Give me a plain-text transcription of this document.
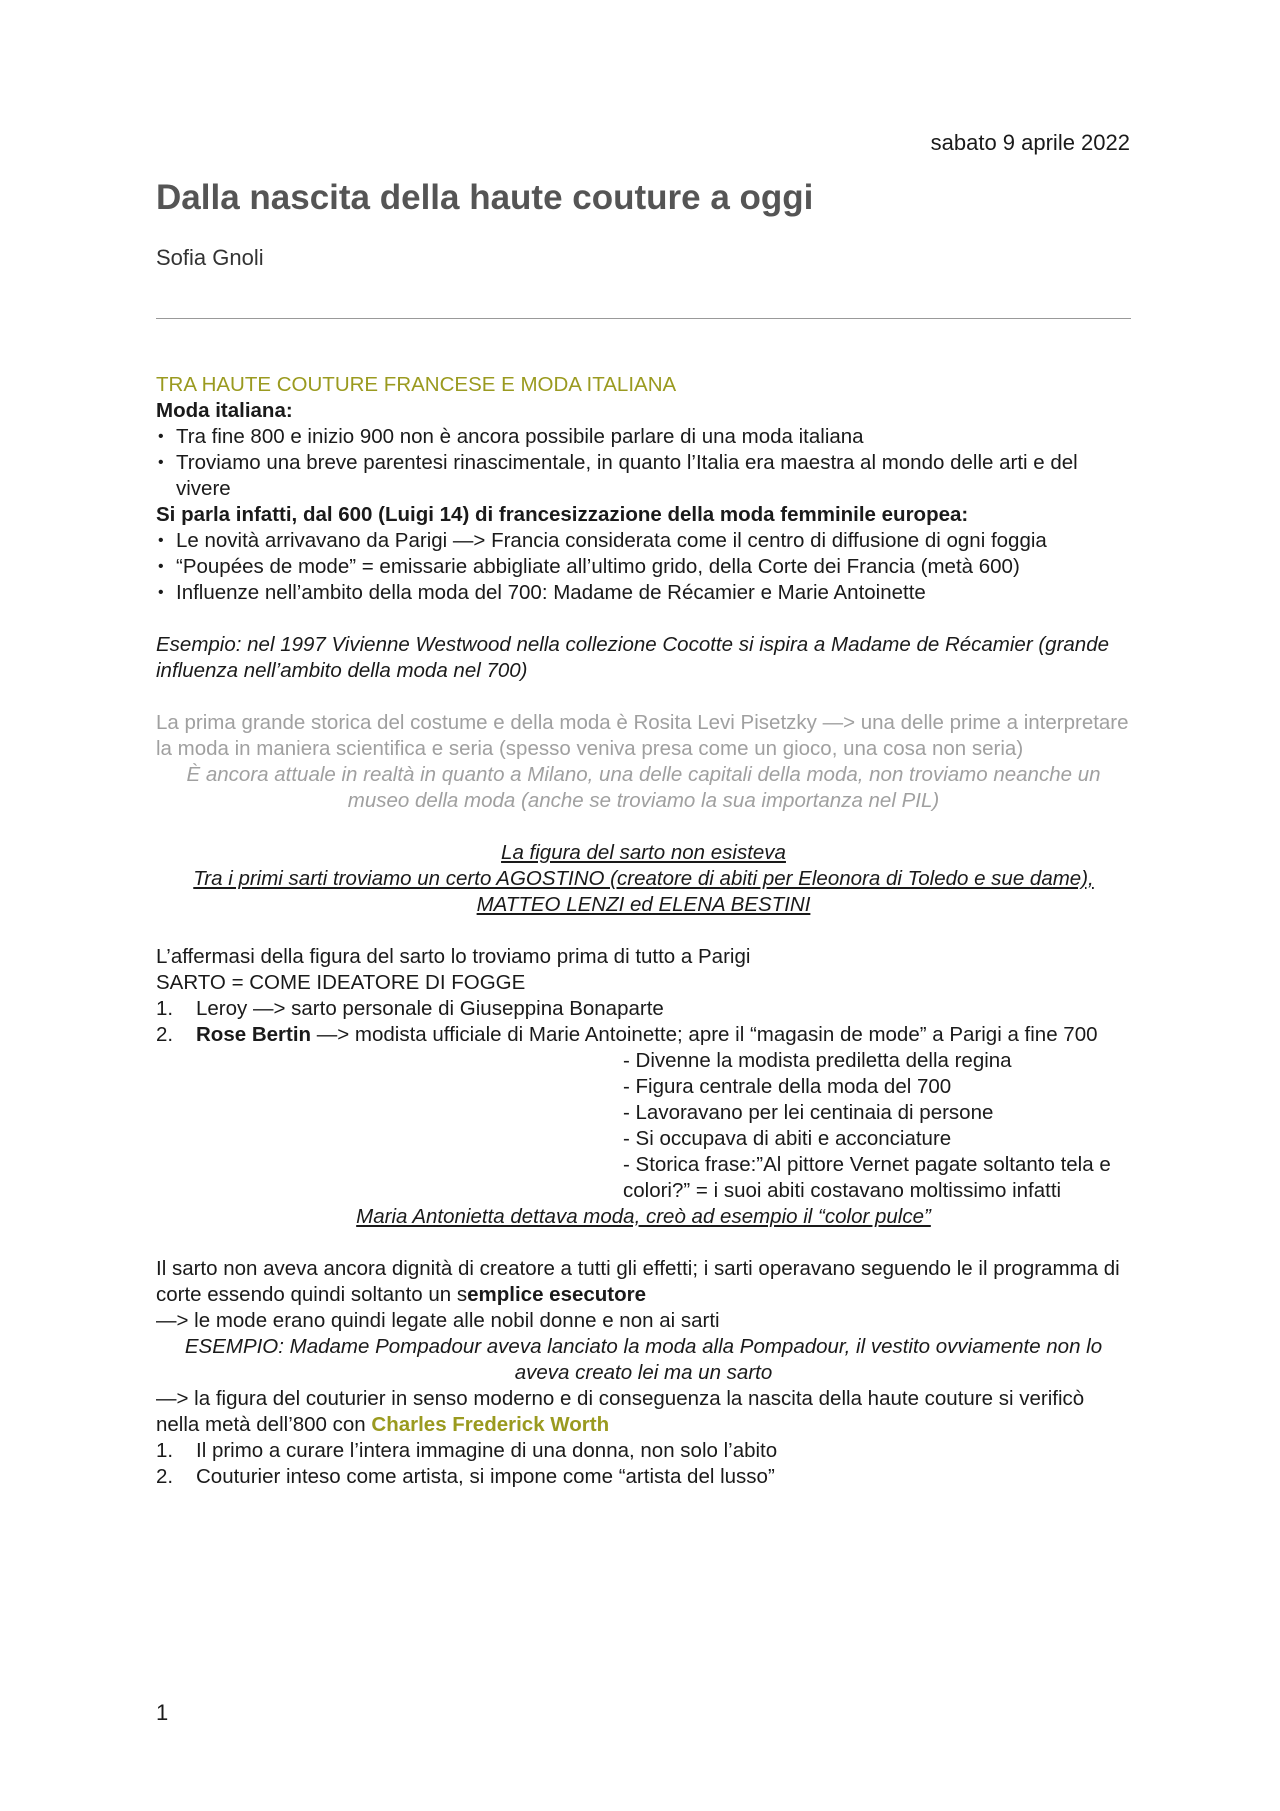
sabato 9 aprile 2022
Dalla nascita della haute couture a oggi
Sofia Gnoli

TRA HAUTE COUTURE FRANCESE E MODA ITALIANA

Moda italiana:

• Tra fine 800 e inizio 900 non è ancora possibile parlare di una moda italiana
• Troviamo una breve parentesi rinascimentale, in quanto l’Italia era maestra al mondo delle arti e del vivere

Si parla infatti, dal 600 (Luigi 14) di francesizzazione della moda femminile europea:

• Le novità arrivavano da Parigi —> Francia considerata come il centro di diffusione di ogni foggia
• “Poupées de mode” = emissarie abbigliate all’ultimo grido, della Corte dei Francia (metà 600)
• Influenze nell’ambito della moda del 700: Madame de Récamier e Marie Antoinette

Esempio: nel 1997 Vivienne Westwood nella collezione Cocotte si ispira a Madame de Récamier (grande influenza nell’ambito della moda nel 700)

La prima grande storica del costume e della moda è Rosita Levi Pisetzky —> una delle prime a interpretare la moda in maniera scientifica e seria (spesso veniva presa come un gioco, una cosa non seria)

È ancora attuale in realtà in quanto a Milano, una delle capitali della moda, non troviamo neanche un museo della moda (anche se troviamo la sua importanza nel PIL)

La figura del sarto non esisteva

Tra i primi sarti troviamo un certo AGOSTINO (creatore di abiti per Eleonora di Toledo e sue dame), MATTEO LENZI ed ELENA BESTINI

L’affermasi della figura del sarto lo troviamo prima di tutto a Parigi

SARTO = COME IDEATORE DI FOGGE

1. Leroy —> sarto personale di Giuseppina Bonaparte
2. Rose Bertin —> modista ufficiale di Marie Antoinette; apre il “magasin de mode” a Parigi a fine 700
- Divenne la modista prediletta della regina
- Figura centrale della moda del 700
- Lavoravano per lei centinaia di persone
- Si occupava di abiti e acconciature
- Storica frase:”Al pittore Vernet pagate soltanto tela e colori?” = i suoi abiti costavano moltissimo infatti

Maria Antonietta dettava moda, creò ad esempio il “color pulce”

Il sarto non aveva ancora dignità di creatore a tutti gli effetti; i sarti operavano seguendo le il programma di corte essendo quindi soltanto un semplice esecutore

—> le mode erano quindi legate alle nobil donne e non ai sarti

ESEMPIO: Madame Pompadour aveva lanciato la moda alla Pompadour, il vestito ovviamente non lo aveva creato lei ma un sarto

—> la figura del couturier in senso moderno e di conseguenza la nascita della haute couture si verificò nella metà dell’800 con Charles Frederick Worth

1. Il primo a curare l’intera immagine di una donna, non solo l’abito
2. Couturier inteso come artista, si impone come “artista del lusso”
1
